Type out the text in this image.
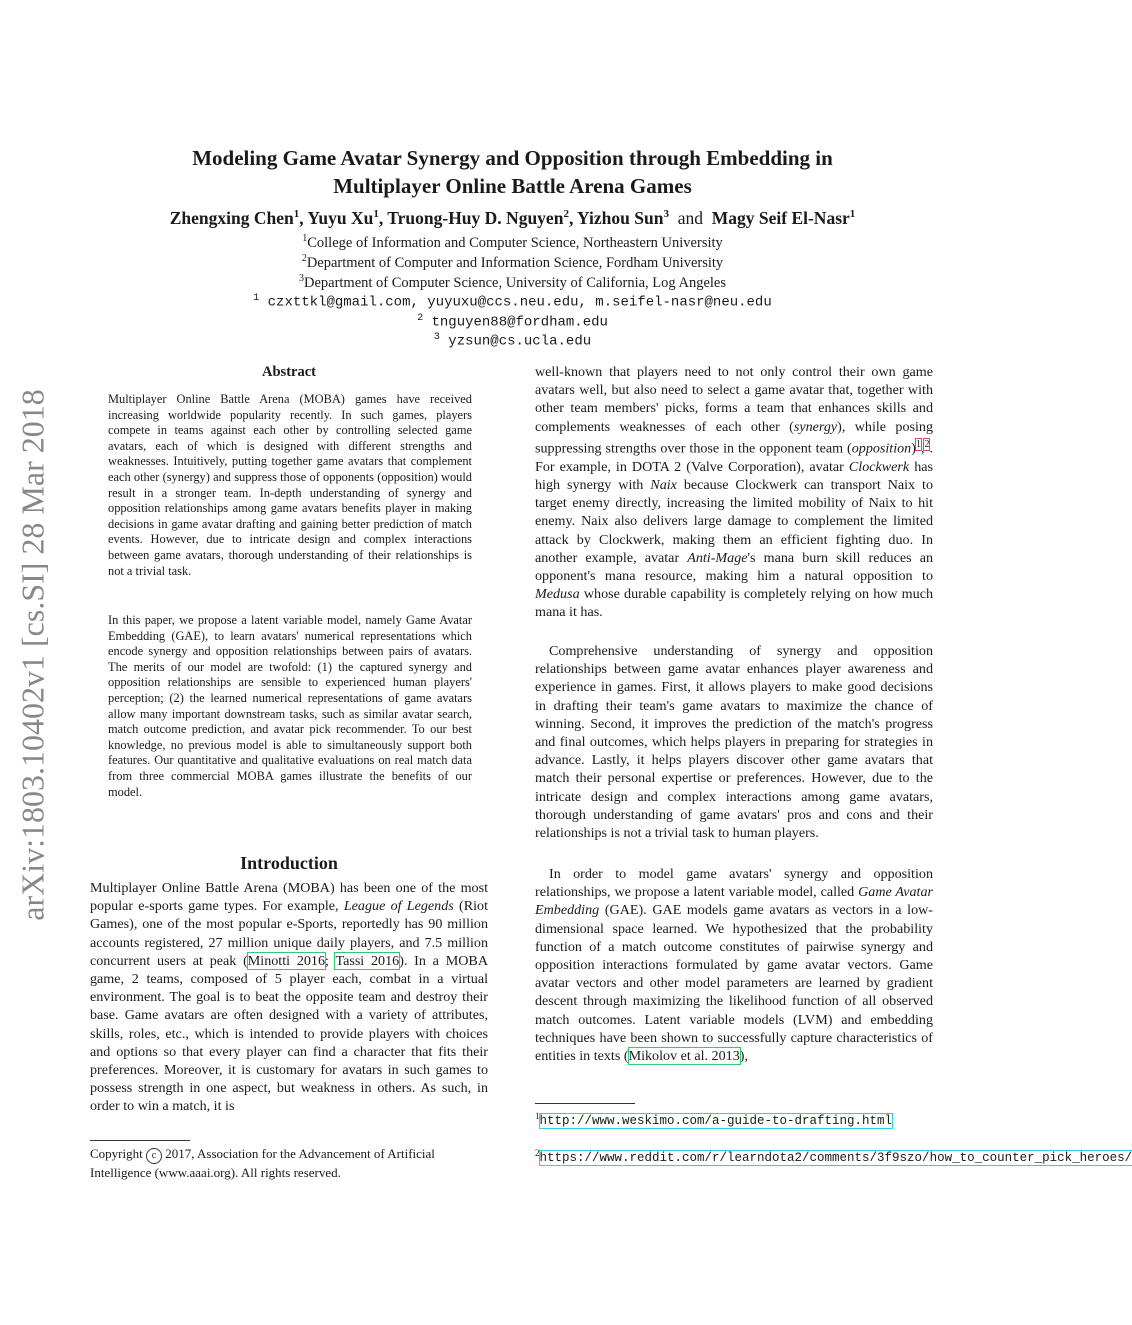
arXiv:1803.10402v1 [cs.SI] 28 Mar 2018
Modeling Game Avatar Synergy and Opposition through Embedding in
Multiplayer Online Battle Arena Games
Zhengxing Chen$^1$, Yuyu Xu$^1$, Truong-Huy D. Nguyen$^2$, Yizhou Sun$^3$ and Magy Seif El-Nasr$^1$
$^1$College of Information and Computer Science, Northeastern University
$^2$Department of Computer and Information Science, Fordham University
$^3$Department of Computer Science, University of California, Log Angeles
$^1$ czxttkl@gmail.com, yuyuxu@ccs.neu.edu, m.seifel-nasr@neu.edu
$^2$ tnguyen88@fordham.edu
$^3$ yzsun@cs.ucla.edu
Abstract
Multiplayer Online Battle Arena (MOBA) games have received increasing worldwide popularity recently. In such games, players compete in teams against each other by controlling selected game avatars, each of which is designed with different strengths and weaknesses. Intuitively, putting together game avatars that complement each other (synergy) and suppress those of opponents (opposition) would result in a stronger team. In-depth understanding of synergy and opposition relationships among game avatars benefits player in making decisions in game avatar drafting and gaining better prediction of match events. However, due to intricate design and complex interactions between game avatars, thorough understanding of their relationships is not a trivial task.
In this paper, we propose a latent variable model, namely Game Avatar Embedding (GAE), to learn avatars' numerical representations which encode synergy and opposition relationships between pairs of avatars. The merits of our model are twofold: (1) the captured synergy and opposition relationships are sensible to experienced human players' perception; (2) the learned numerical representations of game avatars allow many important downstream tasks, such as similar avatar search, match outcome prediction, and avatar pick recommender. To our best knowledge, no previous model is able to simultaneously support both features. Our quantitative and qualitative evaluations on real match data from three commercial MOBA games illustrate the benefits of our model.
Introduction
Multiplayer Online Battle Arena (MOBA) has been one of the most popular e-sports game types. For example, League of Legends (Riot Games), one of the most popular e-Sports, reportedly has 90 million accounts registered, 27 million unique daily players, and 7.5 million concurrent users at peak (Minotti 2016; Tassi 2016). In a MOBA game, 2 teams, composed of 5 player each, combat in a virtual environment. The goal is to beat the opposite team and destroy their base. Game avatars are often designed with a variety of attributes, skills, roles, etc., which is intended to provide players with choices and options so that every player can find a character that fits their preferences. Moreover, it is customary for avatars in such games to possess strength in one aspect, but weakness in others. As such, in order to win a match, it is
Copyright c 2017, Association for the Advancement of Artificial Intelligence (www.aaai.org). All rights reserved.
well-known that players need to not only control their own game avatars well, but also need to select a game avatar that, together with other team members' picks, forms a team that enhances skills and complements weaknesses of each other (synergy), while posing suppressing strengths over those in the opponent team (opposition)$^1$,$^2$. For example, in DOTA 2 (Valve Corporation), avatar Clockwerk has high synergy with Naix because Clockwerk can transport Naix to target enemy directly, increasing the limited mobility of Naix to hit enemy. Naix also delivers large damage to complement the limited attack by Clockwerk, making them an efficient fighting duo. In another example, avatar Anti-Mage's mana burn skill reduces an opponent's mana resource, making him a natural opposition to Medusa whose durable capability is completely relying on how much mana it has.
Comprehensive understanding of synergy and opposition relationships between game avatar enhances player awareness and experience in games. First, it allows players to make good decisions in drafting their team's game avatars to maximize the chance of winning. Second, it improves the prediction of the match's progress and final outcomes, which helps players in preparing for strategies in advance. Lastly, it helps players discover other game avatars that match their personal expertise or preferences. However, due to the intricate design and complex interactions among game avatars, thorough understanding of game avatars' pros and cons and their relationships is not a trivial task to human players.
In order to model game avatars' synergy and opposition relationships, we propose a latent variable model, called Game Avatar Embedding (GAE). GAE models game avatars as vectors in a low-dimensional space learned. We hypothesized that the probability function of a match outcome constitutes of pairwise synergy and opposition interactions formulated by game avatar vectors. Game avatar vectors and other model parameters are learned by gradient descent through maximizing the likelihood function of all observed match outcomes. Latent variable models (LVM) and embedding techniques have been shown to successfully capture characteristics of entities in texts (Mikolov et al. 2013),
$^1$http://www.weskimo.com/a-guide-to-drafting.html
$^2$https://www.reddit.com/r/learndota2/comments/3f9szo/how_to_counter_pick_heroes/
